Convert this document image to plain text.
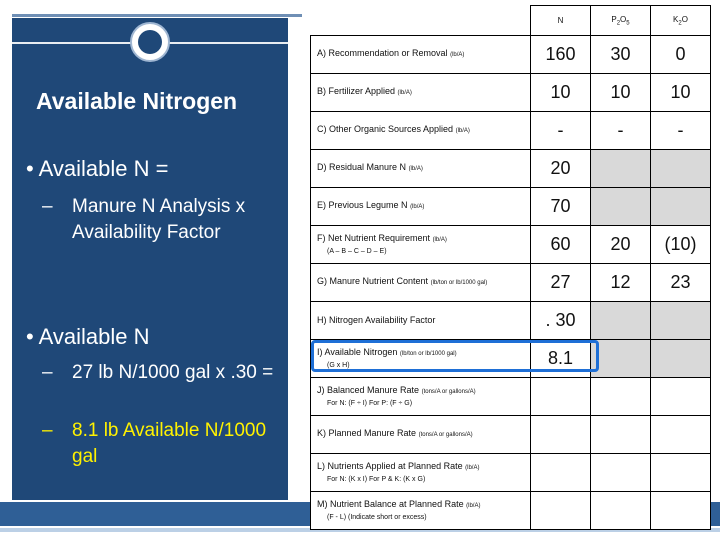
Available Nitrogen
• Available N =
– Manure N Analysis x Availability Factor
• Available N
– 27 lb N/1000 gal x .30 =
– 8.1 lb Available N/1000 gal
	N	$P_2O_5$	$K_2O$
A) Recommendation or Removal (lb/A)	160	30	0
B) Fertilizer Applied (lb/A)	10	10	10
C) Other Organic Sources Applied (lb/A)	-	-	-
D) Residual Manure N (lb/A)	20		
E) Previous Legume N (lb/A)	70		
F) Net Nutrient Requirement (lb/A)
(A – B – C – D – E)	60	20	(10)
G) Manure Nutrient Content (lb/ton or lb/1000 gal)	27	12	23
H) Nitrogen Availability Factor	. 30		
I) Available Nitrogen (lb/ton or lb/1000 gal)
(G x H)	8.1		
J) Balanced Manure Rate (tons/A or gallons/A)
For N: (F ÷ I) For P: (F ÷ G)			

K) Planned Manure Rate (tons/A or gallons/A)			
L) Nutrients Applied at Planned Rate (lb/A)
For N: (K x I) For P & K: (K x G)			

M) Nutrient Balance at Planned Rate (lb/A)
(F - L) (Indicate short or excess)			
